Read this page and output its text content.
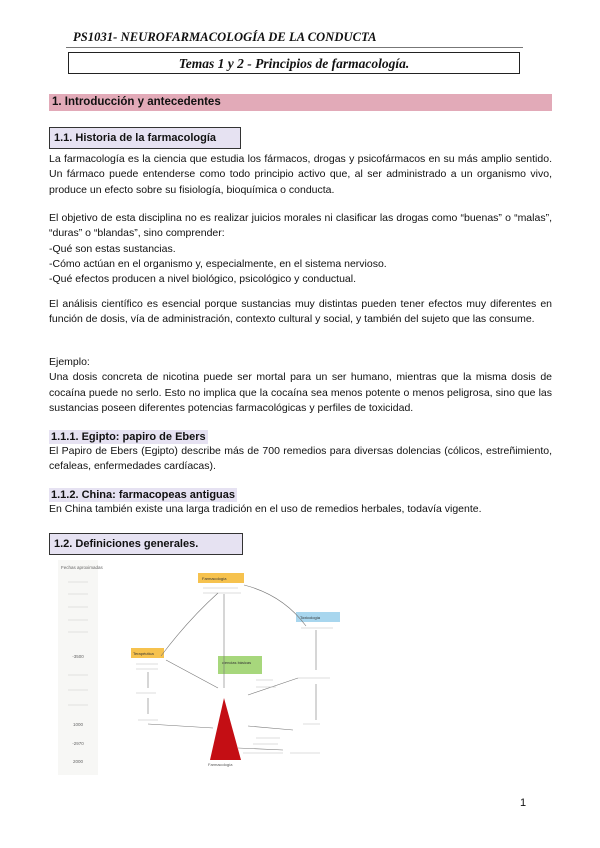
PS1031- NEUROFARMACOLOGÍA DE LA CONDUCTA
Temas 1 y 2 - Principios de farmacología.
1. Introducción y antecedentes
1.1. Historia de la farmacología

La farmacología es la ciencia que estudia los fármacos, drogas y psicofármacos en su más amplio sentido. Un fármaco puede entenderse como todo principio activo que, al ser administrado a un organismo vivo, produce un efecto sobre su fisiología, bioquímica o conducta.

El objetivo de esta disciplina no es realizar juicios morales ni clasificar las drogas como “buenas” o “malas”, “duras” o “blandas”, sino comprender:

-Qué son estas sustancias.

-Cómo actúan en el organismo y, especialmente, en el sistema nervioso.

-Qué efectos producen a nivel biológico, psicológico y conductual.

El análisis científico es esencial porque sustancias muy distintas pueden tener efectos muy diferentes en función de dosis, vía de administración, contexto cultural y social, y también del sujeto que las consume.

Ejemplo:

Una dosis concreta de nicotina puede ser mortal para un ser humano, mientras que la misma dosis de cocaína puede no serlo. Esto no implica que la cocaína sea menos potente o menos peligrosa, sino que las sustancias poseen diferentes potencias farmacológicas y perfiles de toxicidad.

1.1.1. Egipto: papiro de Ebers

El Papiro de Ebers (Egipto) describe más de 700 remedios para diversas dolencias (cólicos, estreñimiento, cefaleas, enfermedades cardíacas).

1.1.2. China: farmacopeas antiguas

En China también existe una larga tradición en el uso de remedios herbales, todavía vigente.

1.2. Definiciones generales.
Fechas aproximadas
-3500
1000
-2970
2000
Farmacología
Terapéutica
ciencias básicas
Toxicología
Farmacología
1
